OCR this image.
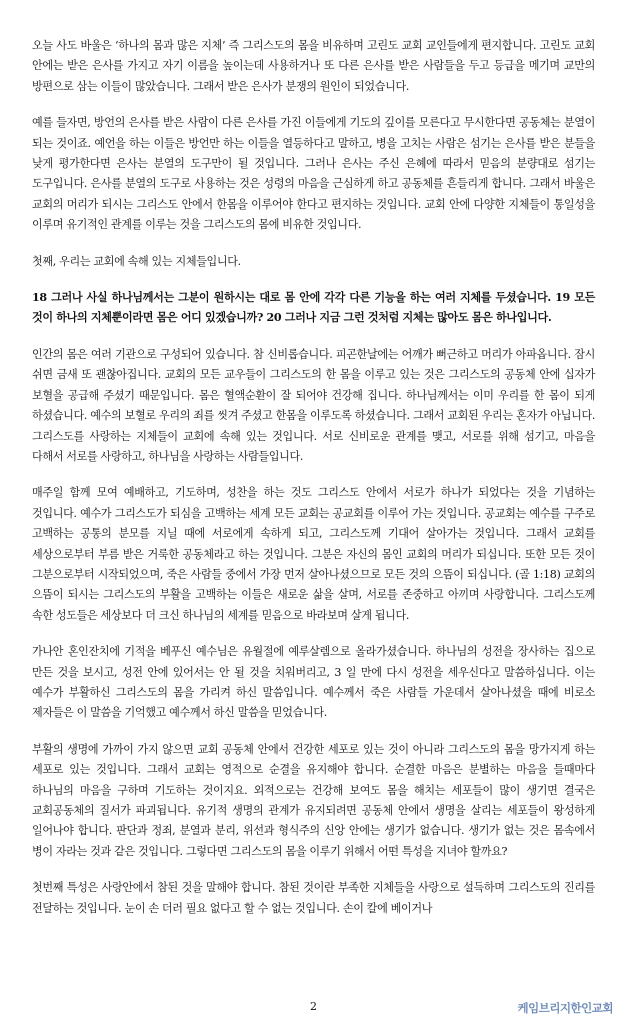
오늘 사도 바울은 ‘하나의 몸과 많은 지체’ 즉 그리스도의 몸을 비유하며 고린도 교회 교인들에게 편지합니다. 고린도 교회 안에는 받은 은사를 가지고 자기 이름을 높이는데 사용하거나 또 다른 은사를 받은 사람들을 두고 등급을 메기며 교만의 방편으로 삼는 이들이 많았습니다. 그래서 받은 은사가 분쟁의 원인이 되었습니다.

예를 들자면, 방언의 은사를 받은 사람이 다른 은사를 가진 이들에게 기도의 깊이를 모른다고 무시한다면 공동체는 분열이 되는 것이죠. 예언을 하는 이들은 방언만 하는 이들을 열등하다고 말하고, 병을 고치는 사람은 섬기는 은사를 받은 분들을 낮게 평가한다면 은사는 분열의 도구만이 될 것입니다. 그러나 은사는 주신 은혜에 따라서 믿음의 분량대로 섬기는 도구입니다. 은사를 분열의 도구로 사용하는 것은 성령의 마음을 근심하게 하고 공동체를 흔들리게 합니다. 그래서 바울은 교회의 머리가 되시는 그리스도 안에서 한몸을 이루어야 한다고 편지하는 것입니다. 교회 안에 다양한 지체들이 통일성을 이루며 유기적인 관계를 이루는 것을 그리스도의 몸에 비유한 것입니다.

첫째, 우리는 교회에 속해 있는 지체들입니다.

18 그러나 사실 하나님께서는 그분이 원하시는 대로 몸 안에 각각 다른 기능을 하는 여러 지체를 두셨습니다. 19 모든 것이 하나의 지체뿐이라면 몸은 어디 있겠습니까? 20 그러나 지금 그런 것처럼 지체는 많아도 몸은 하나입니다.

인간의 몸은 여러 기관으로 구성되어 있습니다. 참 신비롭습니다. 피곤한날에는 어깨가 뻐근하고 머리가 아파옵니다. 잠시 쉬면 금새 또 괜찮아집니다. 교회의 모든 교우들이 그리스도의 한 몸을 이루고 있는 것은 그리스도의 공동체 안에 십자가 보혈을 공급해 주셨기 때문입니다. 몸은 혈액순환이 잘 되어야 건강해 집니다. 하나님께서는 이미 우리를 한 몸이 되게 하셨습니다. 예수의 보혈로 우리의 죄를 씻겨 주셨고 한몸을 이루도록 하셨습니다. 그래서 교회된 우리는 혼자가 아닙니다. 그리스도를 사랑하는 지체들이 교회에 속해 있는 것입니다. 서로 신비로운 관계를 맺고, 서로를 위해 섬기고, 마음을 다해서 서로를 사랑하고, 하나님을 사랑하는 사람들입니다.

매주일 함께 모여 예배하고, 기도하며, 성찬을 하는 것도 그리스도 안에서 서로가 하나가 되었다는 것을 기념하는 것입니다. 예수가 그리스도가 되심을 고백하는 세계 모든 교회는 공교회를 이루어 가는 것입니다. 공교회는 예수를 구주로 고백하는 공통의 분모를 지닐 때에 서로에게 속하게 되고, 그리스도께 기대어 살아가는 것입니다. 그래서 교회를 세상으로부터 부름 받은 거룩한 공동체라고 하는 것입니다. 그분은 자신의 몸인 교회의 머리가 되십니다. 또한 모든 것이 그분으로부터 시작되었으며, 죽은 사람들 중에서 가장 먼저 살아나셨으므로 모든 것의 으뜸이 되십니다. (골 1:18) 교회의 으뜸이 되시는 그리스도의 부활을 고백하는 이들은 새로운 삶을 살며, 서로를 존중하고 아끼며 사랑합니다. 그리스도께 속한 성도들은 세상보다 더 크신 하나님의 세계를 믿음으로 바라보며 살게 됩니다.

가나안 혼인잔치에 기적을 베푸신 예수님은 유월절에 예루살렘으로 올라가셨습니다. 하나님의 성전을 장사하는 집으로 만든 것을 보시고, 성전 안에 있어서는 안 될 것을 치워버리고, 3 일 만에 다시 성전을 세우신다고 말씀하십니다. 이는 예수가 부활하신 그리스도의 몸을 가리켜 하신 말씀입니다. 예수께서 죽은 사람들 가운데서 살아나셨을 때에 비로소 제자들은 이 말씀을 기억했고 예수께서 하신 말씀을 믿었습니다.

부활의 생명에 가까이 가지 않으면 교회 공동체 안에서 건강한 세포로 있는 것이 아니라 그리스도의 몸을 망가지게 하는 세포로 있는 것입니다. 그래서 교회는 영적으로 순결을 유지해야 합니다. 순결한 마음은 분별하는 마음을 들때마다 하나님의 마음을 구하며 기도하는 것이지요. 외적으로는 건강해 보여도 몸을 해치는 세포들이 많이 생기면 결국은 교회공동체의 질서가 파괴됩니다. 유기적 생명의 관계가 유지되려면 공동체 안에서 생명을 살리는 세포들이 왕성하게 일어나야 합니다. 판단과 정죄, 분열과 분리, 위선과 형식주의 신앙 안에는 생기가 없습니다. 생기가 없는 것은 몸속에서 병이 자라는 것과 같은 것입니다. 그렇다면 그리스도의 몸을 이루기 위해서 어떤 특성을 지녀야 할까요?

첫번째 특성은 사랑안에서 참된 것을 말해야 합니다. 참된 것이란 부족한 지체들을 사랑으로 설득하며 그리스도의 진리를 전달하는 것입니다. 눈이 손 더러 필요 없다고 할 수 없는 것입니다. 손이 칼에 베이거나

2	케임브리지한인교회
